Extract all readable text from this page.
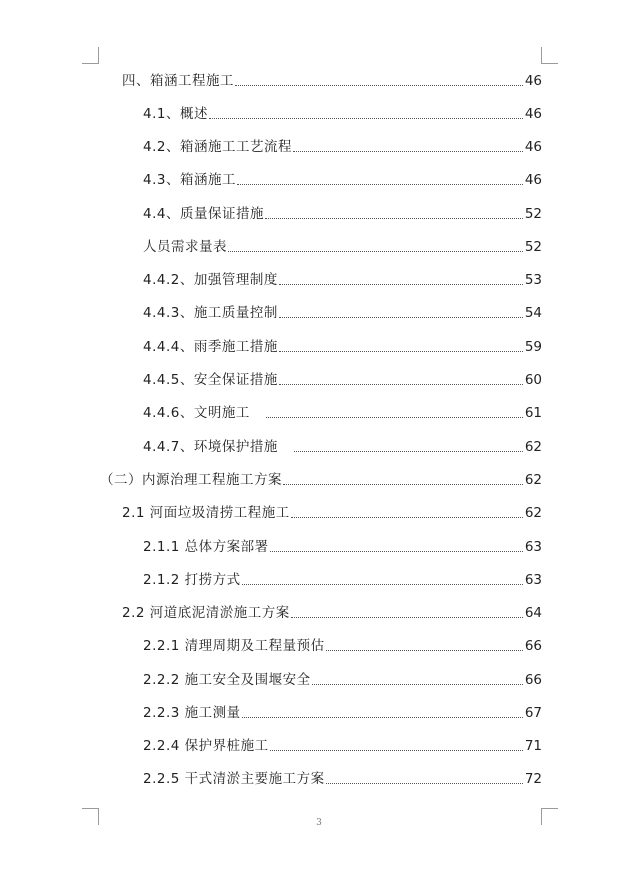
四、箱涵工程施工	46
4.1、概述	46
4.2、箱涵施工工艺流程	46
4.3、箱涵施工	46
4.4、质量保证措施	52
人员需求量表	52
4.4.2、加强管理制度	53
4.4.3、施工质量控制	54
4.4.4、雨季施工措施	59
4.4.5、安全保证措施	60
4.4.6、文明施工	61
4.4.7、环境保护措施	62
（二）内源治理工程施工方案	62
2.1 河面垃圾清捞工程施工	62
2.1.1 总体方案部署	63
2.1.2 打捞方式	63
2.2 河道底泥清淤施工方案	64
2.2.1 清理周期及工程量预估	66
2.2.2 施工安全及围堰安全	66
2.2.3 施工测量	67
2.2.4 保护界桩施工	71
2.2.5 干式清淤主要施工方案	72
3
